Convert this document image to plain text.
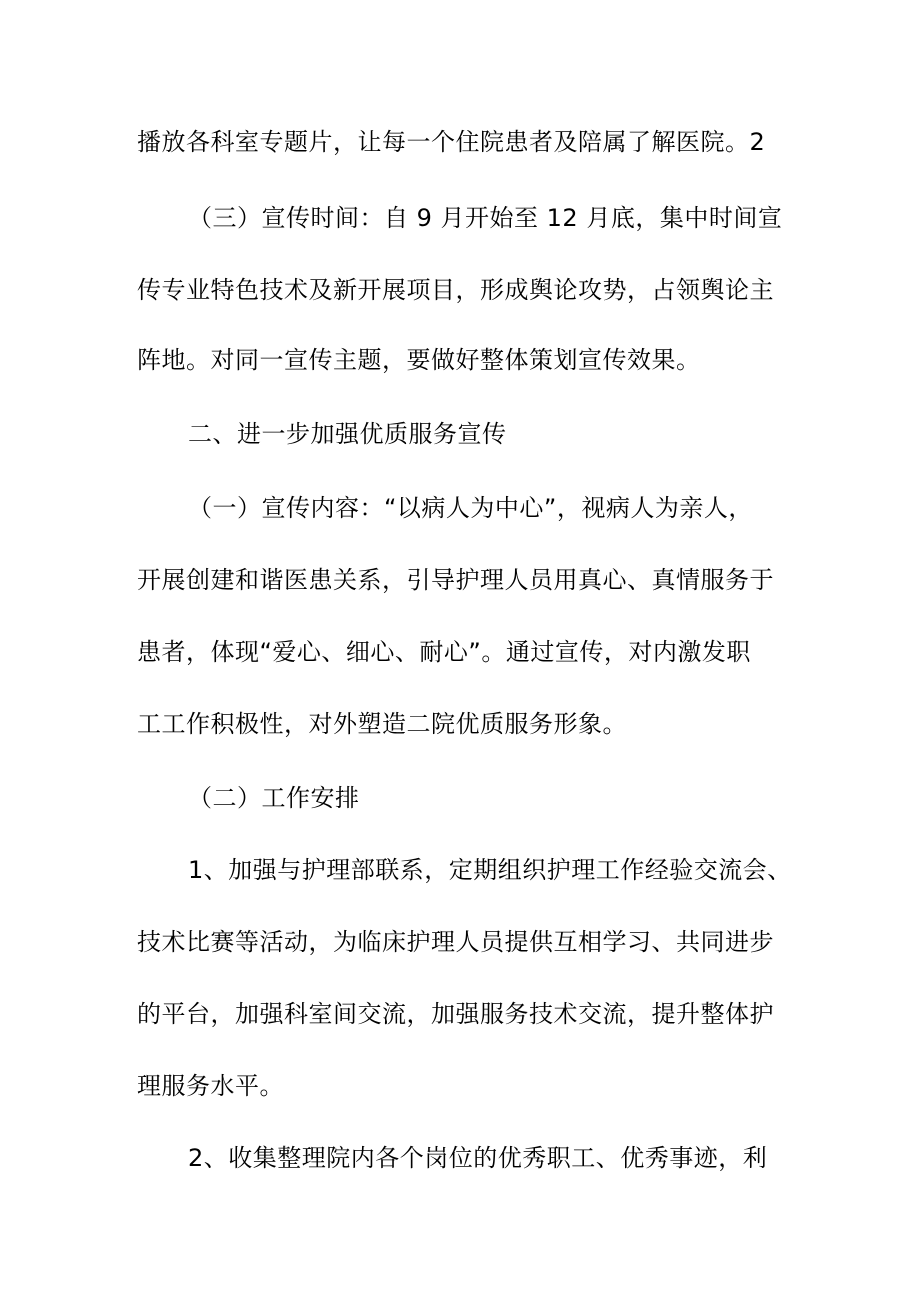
播放各科室专题片，让每一个住院患者及陪属了解医院。2
（三）宣传时间：自 9 月开始至 12 月底，集中时间宣
传专业特色技术及新开展项目，形成舆论攻势，占领舆论主
阵地。对同一宣传主题，要做好整体策划宣传效果。
二、进一步加强优质服务宣传
（一）宣传内容：“以病人为中心”，视病人为亲人，
开展创建和谐医患关系，引导护理人员用真心、真情服务于
患者，体现“爱心、细心、耐心”。通过宣传，对内激发职
工工作积极性，对外塑造二院优质服务形象。
（二）工作安排
1、加强与护理部联系，定期组织护理工作经验交流会、
技术比赛等活动，为临床护理人员提供互相学习、共同进步
的平台，加强科室间交流，加强服务技术交流，提升整体护
理服务水平。
2、收集整理院内各个岗位的优秀职工、优秀事迹，利
